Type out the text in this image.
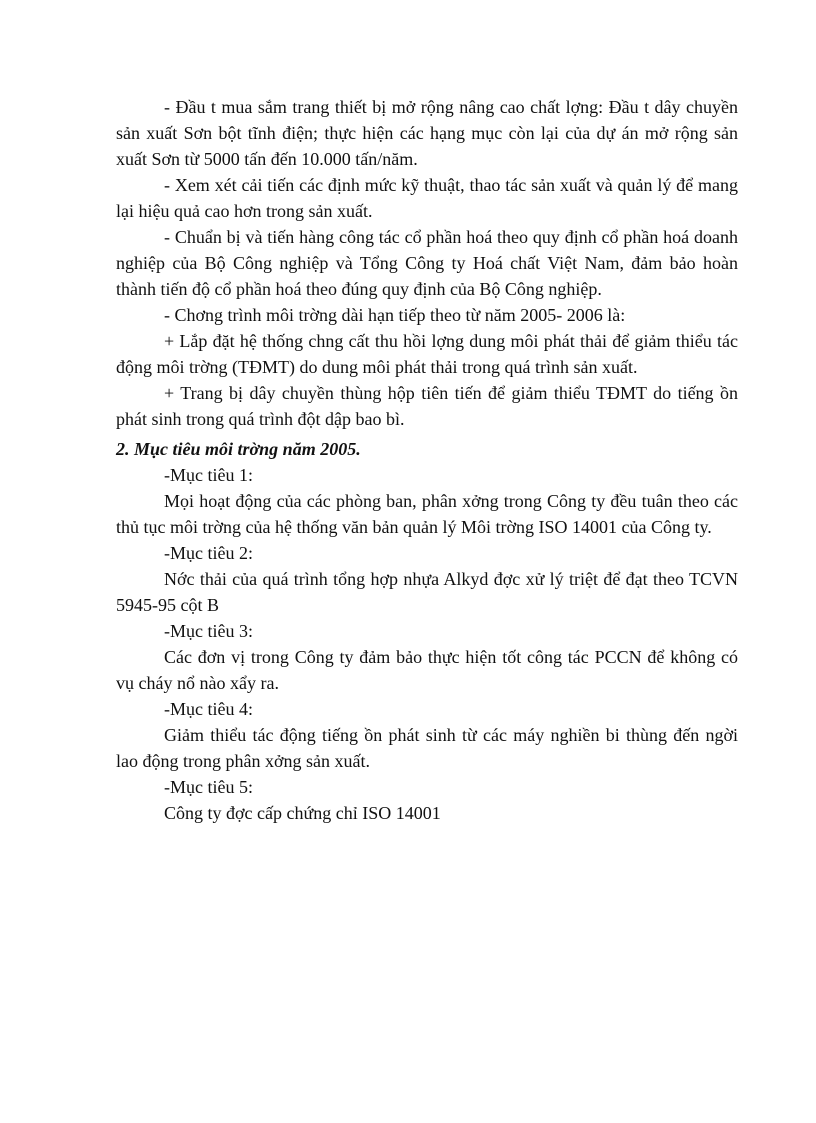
- Đầu t mua sắm trang thiết bị mở rộng nâng cao chất lợng: Đầu t dây chuyền sản xuất Sơn bột tĩnh điện; thực hiện các hạng mục còn lại của dự án mở rộng sản xuất Sơn từ 5000 tấn đến 10.000 tấn/năm.

- Xem xét cải tiến các định mức kỹ thuật, thao tác sản xuất và quản lý để mang lại hiệu quả cao hơn trong sản xuất.

- Chuẩn bị và tiến hàng công tác cổ phần hoá theo quy định cổ phần hoá doanh nghiệp của Bộ Công nghiệp và Tổng Công ty Hoá chất Việt Nam, đảm bảo hoàn thành tiến độ cổ phần hoá theo đúng quy định của Bộ Công nghiệp.

- Chơng trình môi trờng dài hạn tiếp theo từ năm 2005- 2006 là:

+ Lắp đặt hệ thống chng cất thu hồi lợng dung môi phát thải để giảm thiểu tác động môi trờng (TĐMT) do dung môi phát thải trong quá trình sản xuất.

+ Trang bị dây chuyền thùng hộp tiên tiến để giảm thiểu TĐMT do tiếng ồn phát sinh trong quá trình đột dập bao bì.

2. Mục tiêu môi trờng năm 2005.

-Mục tiêu 1:

Mọi hoạt động của các phòng ban, phân xởng trong Công ty đều tuân theo các thủ tục môi trờng của hệ thống văn bản quản lý Môi trờng ISO 14001 của Công ty.

-Mục tiêu 2:

Nớc thải của quá trình tổng hợp nhựa Alkyd đợc xử lý triệt để đạt theo TCVN 5945-95 cột B

-Mục tiêu 3:

Các đơn vị trong Công ty đảm bảo thực hiện tốt công tác PCCN để không có vụ cháy nổ nào xẩy ra.

-Mục tiêu 4:

Giảm thiểu tác động tiếng ồn phát sinh từ các máy nghiền bi thùng đến ngời lao động trong phân xởng sản xuất.

-Mục tiêu 5:

Công ty đợc cấp chứng chỉ ISO 14001
